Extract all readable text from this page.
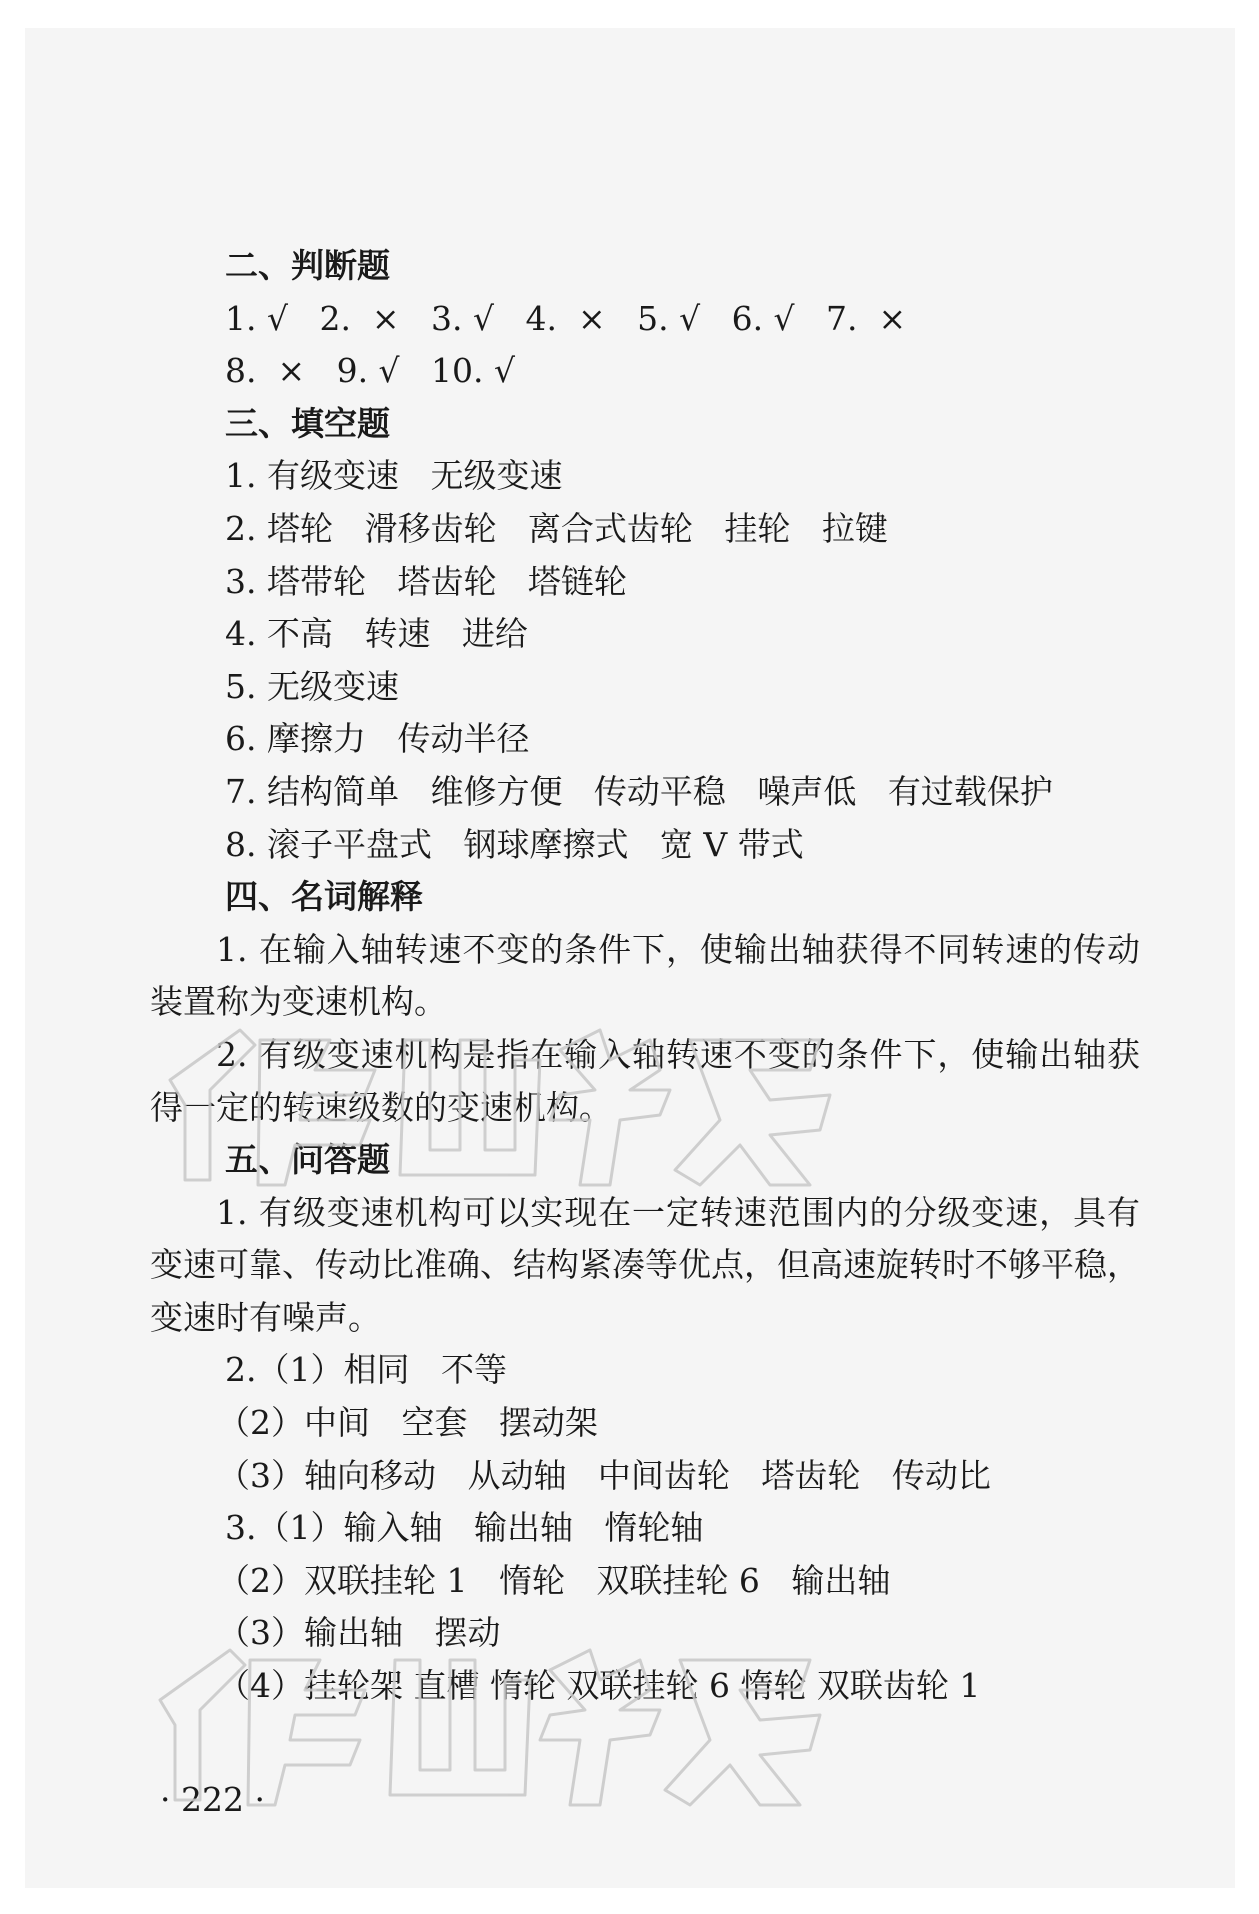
二、判断题
1. √   2.  ×   3. √   4.  ×   5. √   6. √   7.  ×
8.  ×   9. √   10. √
三、填空题
1. 有级变速   无级变速
2. 塔轮   滑移齿轮   离合式齿轮   挂轮   拉键
3. 塔带轮   塔齿轮   塔链轮
4. 不高   转速   进给
5. 无级变速
6. 摩擦力   传动半径
7. 结构简单   维修方便   传动平稳   噪声低   有过载保护
8. 滚子平盘式   钢球摩擦式   宽 V 带式
四、名词解释
1. 在输入轴转速不变的条件下，使输出轴获得不同转速的传动装置称为变速机构。
2. 有级变速机构是指在输入轴转速不变的条件下，使输出轴获得一定的转速级数的变速机构。
五、问答题
1. 有级变速机构可以实现在一定转速范围内的分级变速，具有变速可靠、传动比准确、结构紧凑等优点，但高速旋转时不够平稳，变速时有噪声。
2.（1）相同   不等
（2）中间   空套   摆动架
（3）轴向移动   从动轴   中间齿轮   塔齿轮   传动比
3.（1）输入轴   输出轴   惰轮轴
（2）双联挂轮 1   惰轮   双联挂轮 6   输出轴
（3）输出轴   摆动
（4）挂轮架 直槽 惰轮 双联挂轮 6 惰轮 双联齿轮 1
· 222 ·
